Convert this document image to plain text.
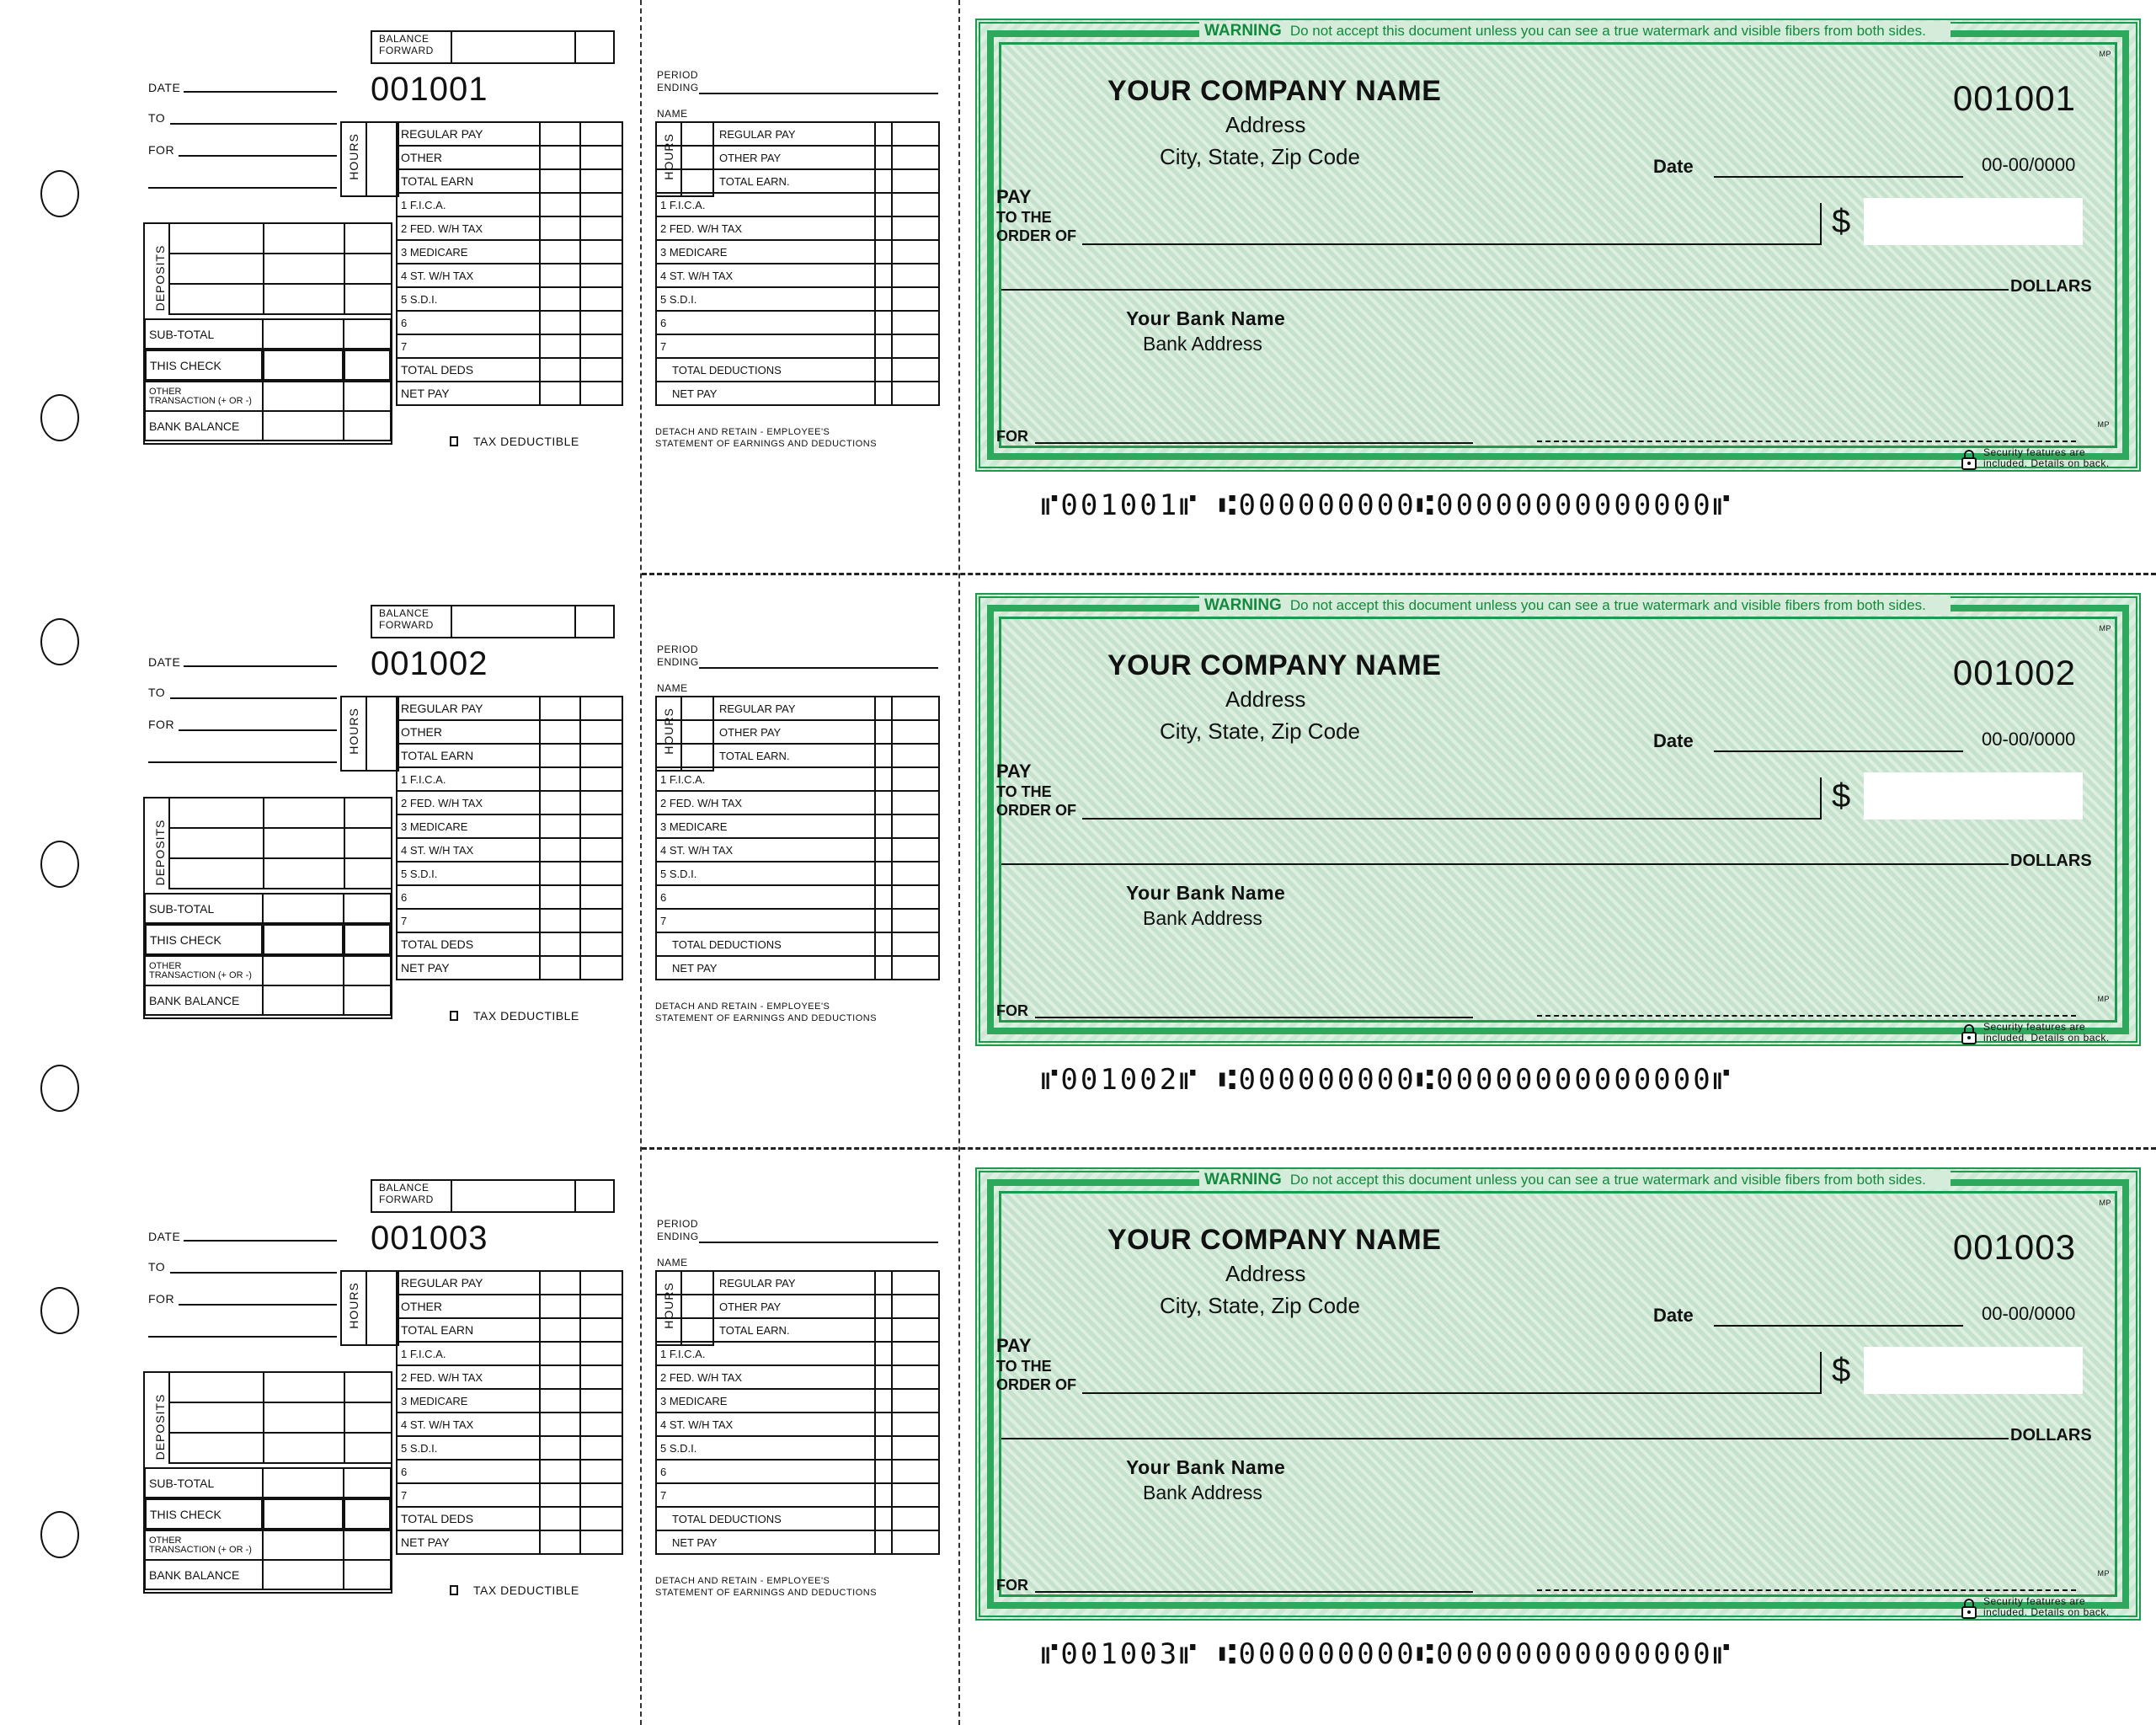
BALANCE FORWARD
DATE	001001
TO
FOR	HOURS	REGULAR PAY		
OTHER		
TOTAL EARN		
1 F.I.C.A.		
2 FED. W/H TAX		
3 MEDICARE		
4 ST. W/H TAX		
5 S.D.I.		
6		
7		
TOTAL DEDS		
NET PAY		
DEPOSITS

SUB-TOTAL		
THIS CHECK		
OTHER
TRANSACTION (+ OR -)		
BANK BALANCE		
TAX DEDUCTIBLE
PERIOD
ENDING
NAME
HOURS	REGULAR PAY		
OTHER PAY		
TOTAL EARN.		
1 F.I.C.A.		
2 FED. W/H TAX		
3 MEDICARE		
4 ST. W/H TAX		
5 S.D.I.		
6		
7		
TOTAL DEDUCTIONS		
NET PAY		
DETACH AND RETAIN - EMPLOYEE'S
STATEMENT OF EARNINGS AND DEDUCTIONS
WARNING Do not accept this document unless you can see a true watermark and visible fibers from both sides.
MP
YOUR COMPANY NAME
Address
City, State, Zip Code
001001
Date	00-00/0000
PAY
TO THE
ORDER OF	$
DOLLARS
Your Bank Name
Bank Address
FOR
MP
Security features are
included. Details on back.
⑈001001⑈ ⑆000000000⑆00000000000000⑈
BALANCE FORWARD
DATE	001002
TO
FOR	HOURS	REGULAR PAY		
OTHER		
TOTAL EARN		
1 F.I.C.A.		
2 FED. W/H TAX		
3 MEDICARE		
4 ST. W/H TAX		
5 S.D.I.		
6		
7		
TOTAL DEDS		
NET PAY		
DEPOSITS

SUB-TOTAL		
THIS CHECK		
OTHER
TRANSACTION (+ OR -)		
BANK BALANCE		
TAX DEDUCTIBLE
PERIOD
ENDING
NAME
HOURS	REGULAR PAY		
OTHER PAY		
TOTAL EARN.		
1 F.I.C.A.		
2 FED. W/H TAX		
3 MEDICARE		
4 ST. W/H TAX		
5 S.D.I.		
6		
7		
TOTAL DEDUCTIONS		
NET PAY		
DETACH AND RETAIN - EMPLOYEE'S
STATEMENT OF EARNINGS AND DEDUCTIONS
WARNING Do not accept this document unless you can see a true watermark and visible fibers from both sides.
MP
YOUR COMPANY NAME
Address
City, State, Zip Code
001002
Date	00-00/0000
PAY
TO THE
ORDER OF	$
DOLLARS
Your Bank Name
Bank Address
FOR
MP
Security features are
included. Details on back.
⑈001002⑈ ⑆000000000⑆00000000000000⑈
BALANCE FORWARD
DATE	001003
TO
FOR	HOURS	REGULAR PAY		
OTHER		
TOTAL EARN		
1 F.I.C.A.		
2 FED. W/H TAX		
3 MEDICARE		
4 ST. W/H TAX		
5 S.D.I.		
6		
7		
TOTAL DEDS		
NET PAY		
DEPOSITS

SUB-TOTAL		
THIS CHECK		
OTHER
TRANSACTION (+ OR -)		
BANK BALANCE		
TAX DEDUCTIBLE
PERIOD
ENDING
NAME
HOURS	REGULAR PAY		
OTHER PAY		
TOTAL EARN.		
1 F.I.C.A.		
2 FED. W/H TAX		
3 MEDICARE		
4 ST. W/H TAX		
5 S.D.I.		
6		
7		
TOTAL DEDUCTIONS		
NET PAY		
DETACH AND RETAIN - EMPLOYEE'S
STATEMENT OF EARNINGS AND DEDUCTIONS
WARNING Do not accept this document unless you can see a true watermark and visible fibers from both sides.
MP
YOUR COMPANY NAME
Address
City, State, Zip Code
001003
Date	00-00/0000
PAY
TO THE
ORDER OF	$
DOLLARS
Your Bank Name
Bank Address
FOR
MP
Security features are
included. Details on back.
⑈001003⑈ ⑆000000000⑆00000000000000⑈
